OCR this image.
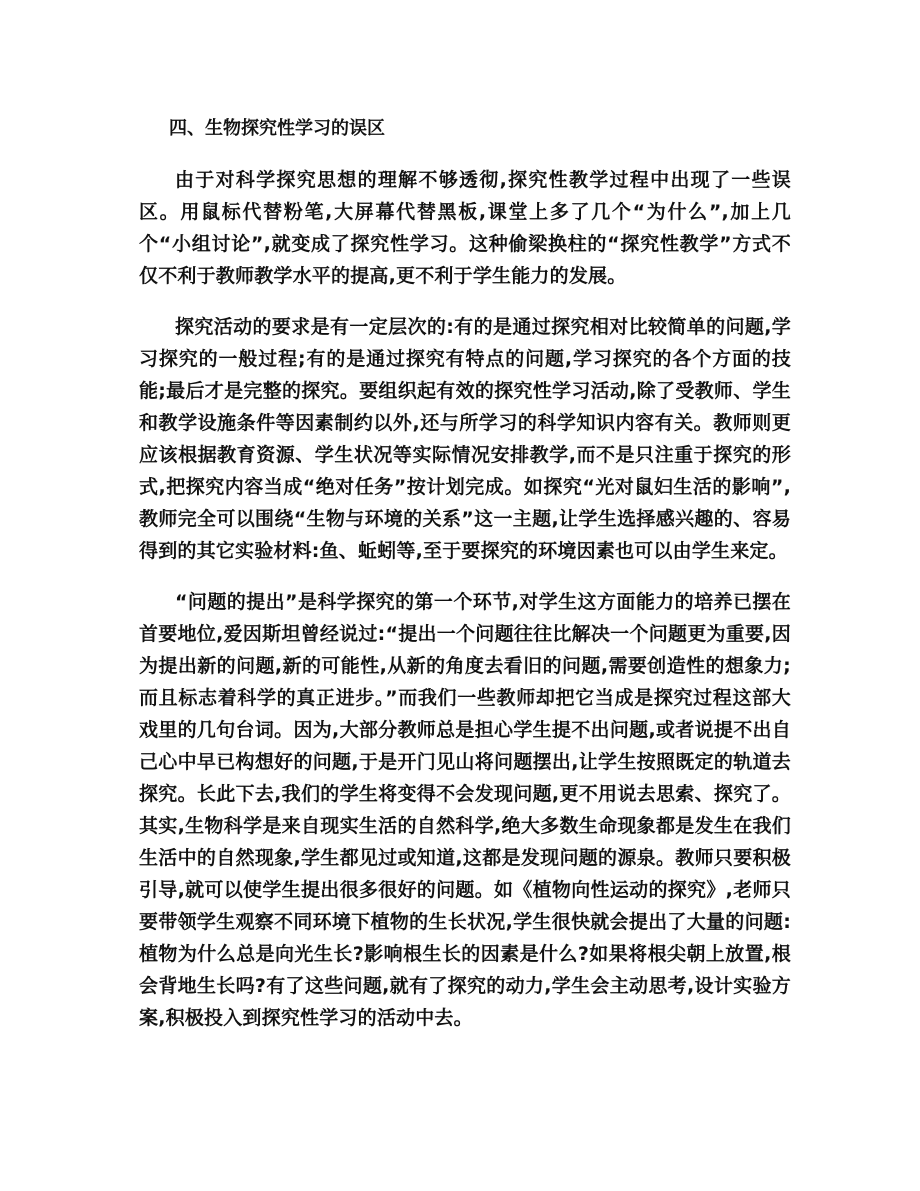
四、生物探究性学习的误区

由于对科学探究思想的理解不够透彻,探究性教学过程中出现了一些误区。用鼠标代替粉笔,大屏幕代替黑板,课堂上多了几个“为什么”,加上几个“小组讨论”,就变成了探究性学习。这种偷梁换柱的“探究性教学”方式不仅不利于教师教学水平的提高,更不利于学生能力的发展。

探究活动的要求是有一定层次的:有的是通过探究相对比较简单的问题,学习探究的一般过程;有的是通过探究有特点的问题,学习探究的各个方面的技能;最后才是完整的探究。要组织起有效的探究性学习活动,除了受教师、学生和教学设施条件等因素制约以外,还与所学习的科学知识内容有关。教师则更应该根据教育资源、学生状况等实际情况安排教学,而不是只注重于探究的形式,把探究内容当成“绝对任务”按计划完成。如探究“光对鼠妇生活的影响”,教师完全可以围绕“生物与环境的关系”这一主题,让学生选择感兴趣的、容易得到的其它实验材料:鱼、蚯蚓等,至于要探究的环境因素也可以由学生来定。

“问题的提出”是科学探究的第一个环节,对学生这方面能力的培养已摆在首要地位,爱因斯坦曾经说过:“提出一个问题往往比解决一个问题更为重要,因为提出新的问题,新的可能性,从新的角度去看旧的问题,需要创造性的想象力;而且标志着科学的真正进步。”而我们一些教师却把它当成是探究过程这部大戏里的几句台词。因为,大部分教师总是担心学生提不出问题,或者说提不出自己心中早已构想好的问题,于是开门见山将问题摆出,让学生按照既定的轨道去探究。长此下去,我们的学生将变得不会发现问题,更不用说去思索、探究了。其实,生物科学是来自现实生活的自然科学,绝大多数生命现象都是发生在我们生活中的自然现象,学生都见过或知道,这都是发现问题的源泉。教师只要积极引导,就可以使学生提出很多很好的问题。如《植物向性运动的探究》,老师只要带领学生观察不同环境下植物的生长状况,学生很快就会提出了大量的问题:植物为什么总是向光生长?影响根生长的因素是什么?如果将根尖朝上放置,根会背地生长吗?有了这些问题,就有了探究的动力,学生会主动思考,设计实验方案,积极投入到探究性学习的活动中去。
